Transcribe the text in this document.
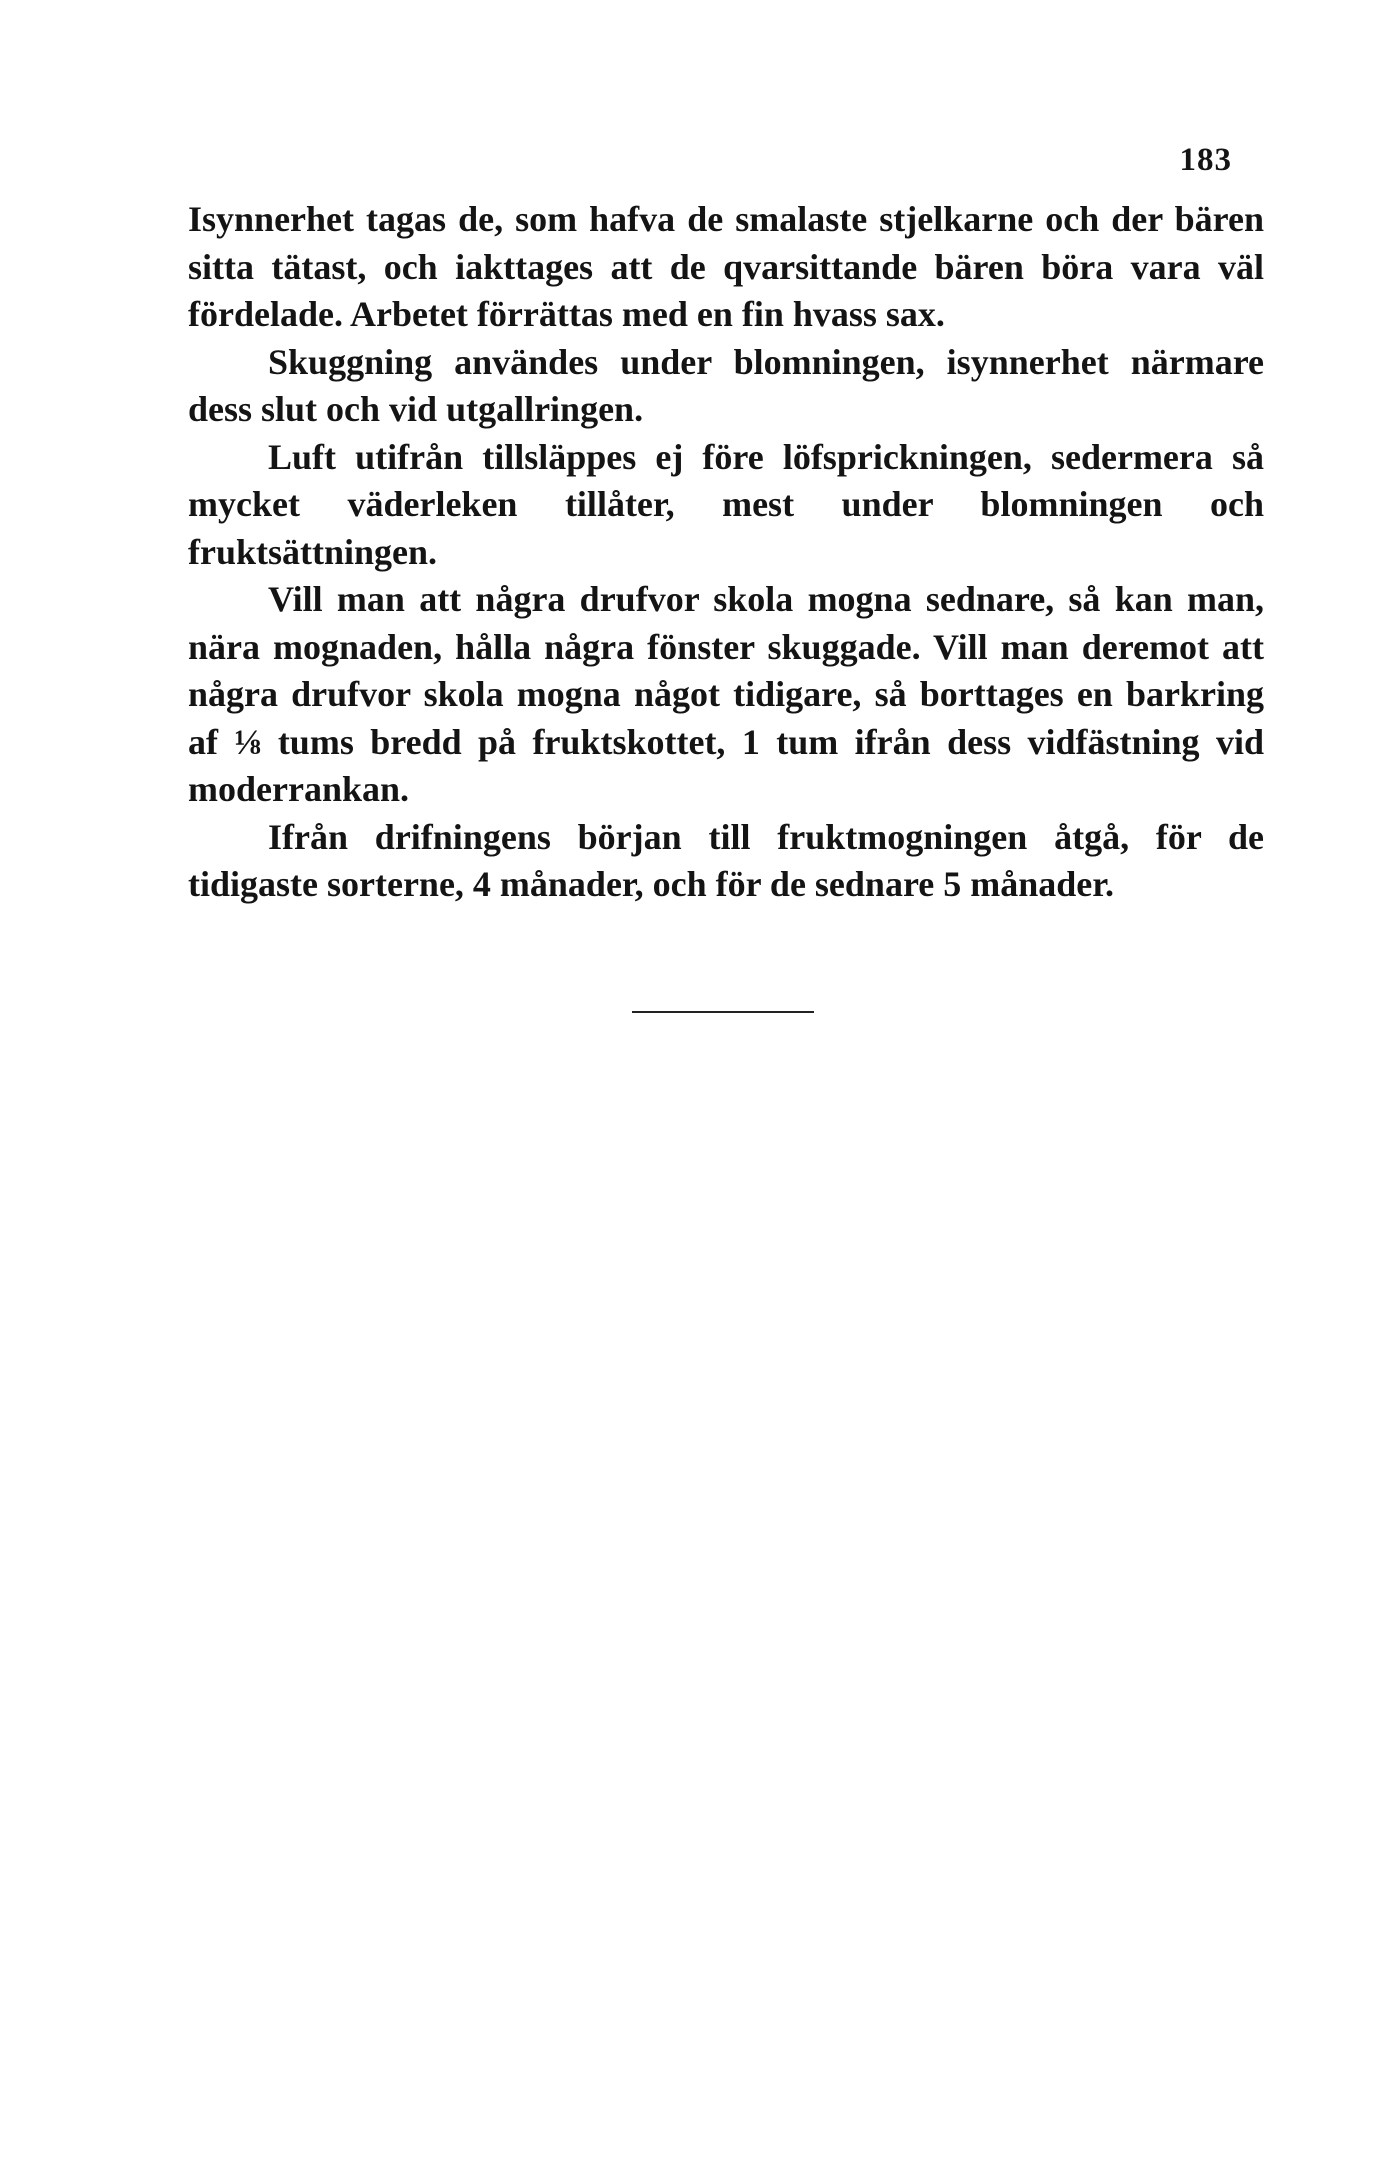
183

Isynnerhet tagas de, som hafva de smalaste stjelkarne och der bären sitta tätast, och iakttages att de qvarsittande bären böra vara väl fördelade. Arbetet förrättas med en fin hvass sax.

Skuggning användes under blomningen, isynnerhet närmare dess slut och vid utgallringen.

Luft utifrån tillsläppes ej före löfsprickningen, sedermera så mycket väderleken tillåter, mest under blomningen och fruktsättningen.

Vill man att några drufvor skola mogna sednare, så kan man, nära mognaden, hålla några fönster skuggade. Vill man deremot att några drufvor skola mogna något tidigare, så borttages en barkring af ⅛ tums bredd på fruktskottet, 1 tum ifrån dess vidfästning vid moderrankan.

Ifrån drifningens början till fruktmogningen åtgå, för de tidigaste sorterne, 4 månader, och för de sednare 5 månader.
